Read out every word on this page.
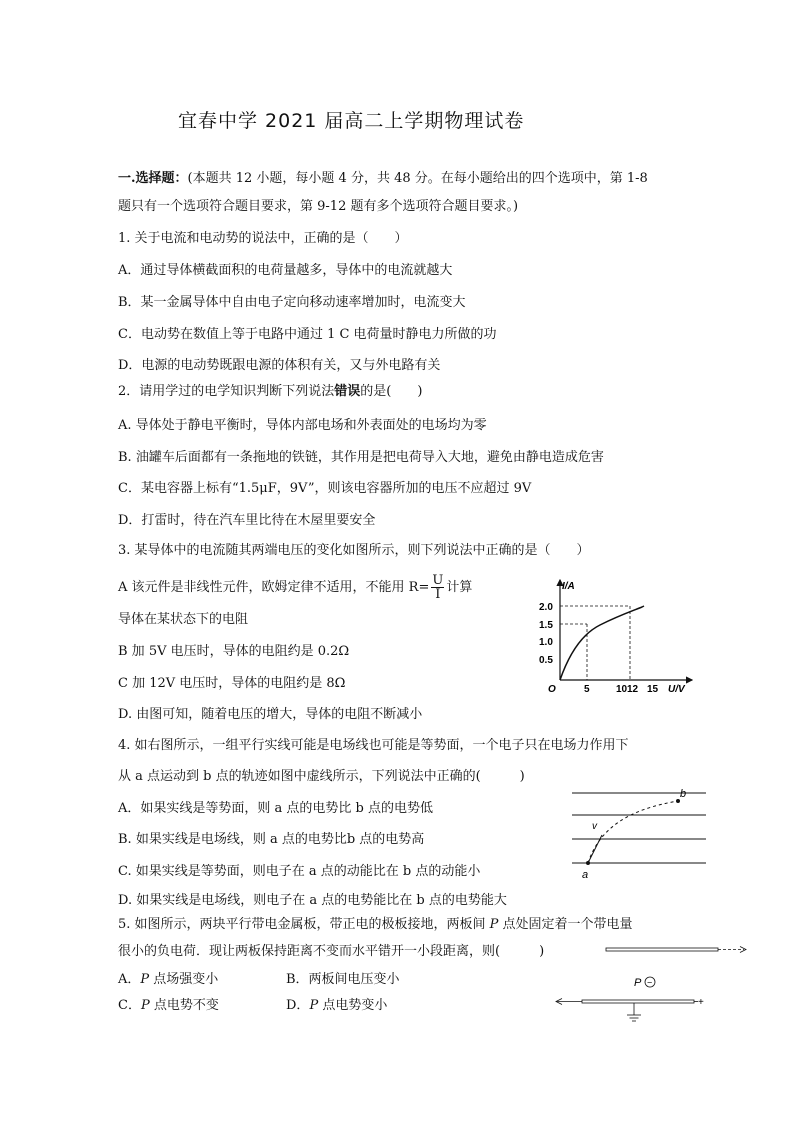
宜春中学 2021 届高二上学期物理试卷
一.选择题：(本题共 12 小题，每小题 4 分，共 48 分。在每小题给出的四个选项中，第 1-8
题只有一个选项符合题目要求，第 9-12 题有多个选项符合题目要求。)
1. 关于电流和电动势的说法中，正确的是（　　）
A．通过导体横截面积的电荷量越多，导体中的电流就越大
B．某一金属导体中自由电子定向移动速率增加时，电流变大
C．电动势在数值上等于电路中通过 1 C 电荷量时静电力所做的功
D．电源的电动势既跟电源的体积有关，又与外电路有关
2．请用学过的电学知识判断下列说法错误的是(　　)
A. 导体处于静电平衡时，导体内部电场和外表面处的电场均为零
B. 油罐车后面都有一条拖地的铁链，其作用是把电荷导入大地，避免由静电造成危害
C．某电容器上标有“1.5μF，9V”，则该电容器所加的电压不应超过 9V
D．打雷时，待在汽车里比待在木屋里要安全
3. 某导体中的电流随其两端电压的变化如图所示，则下列说法中正确的是（　　）
A 该元件是非线性元件，欧姆定律不适用，不能用 $R= \frac{U}{I}$ 计算
导体在某状态下的电阻
B 加 5V 电压时，导体的电阻约是 0.2Ω
C 加 12V 电压时，导体的电阻约是 8Ω
D. 由图可知，随着电压的增大，导体的电阻不断减小
I/A
U/V
O
2.0
1.5
1.0
0.5
5	10 12 15
4. 如右图所示，一组平行实线可能是电场线也可能是等势面，一个电子只在电场力作用下
从 a 点运动到 b 点的轨迹如图中虚线所示，下列说法中正确的(　　　)
A．如果实线是等势面，则 a 点的电势比 b 点的电势低
B. 如果实线是电场线，则 a 点的电势比b 点的电势高
C. 如果实线是等势面，则电子在 a 点的动能比在 b 点的动能小
D. 如果实线是电场线，则电子在 a 点的电势能比在 b 点的电势能大
a
b
v
5. 如图所示，两块平行带电金属板，带正电的极板接地，两板间 P 点处固定着一个带电量
很小的负电荷．现让两板保持距离不变而水平错开一小段距离，则(　　　)
A．P 点场强变小	B．两板间电压变小
C．P 点电势不变	D．P 点电势变小
P −
+
